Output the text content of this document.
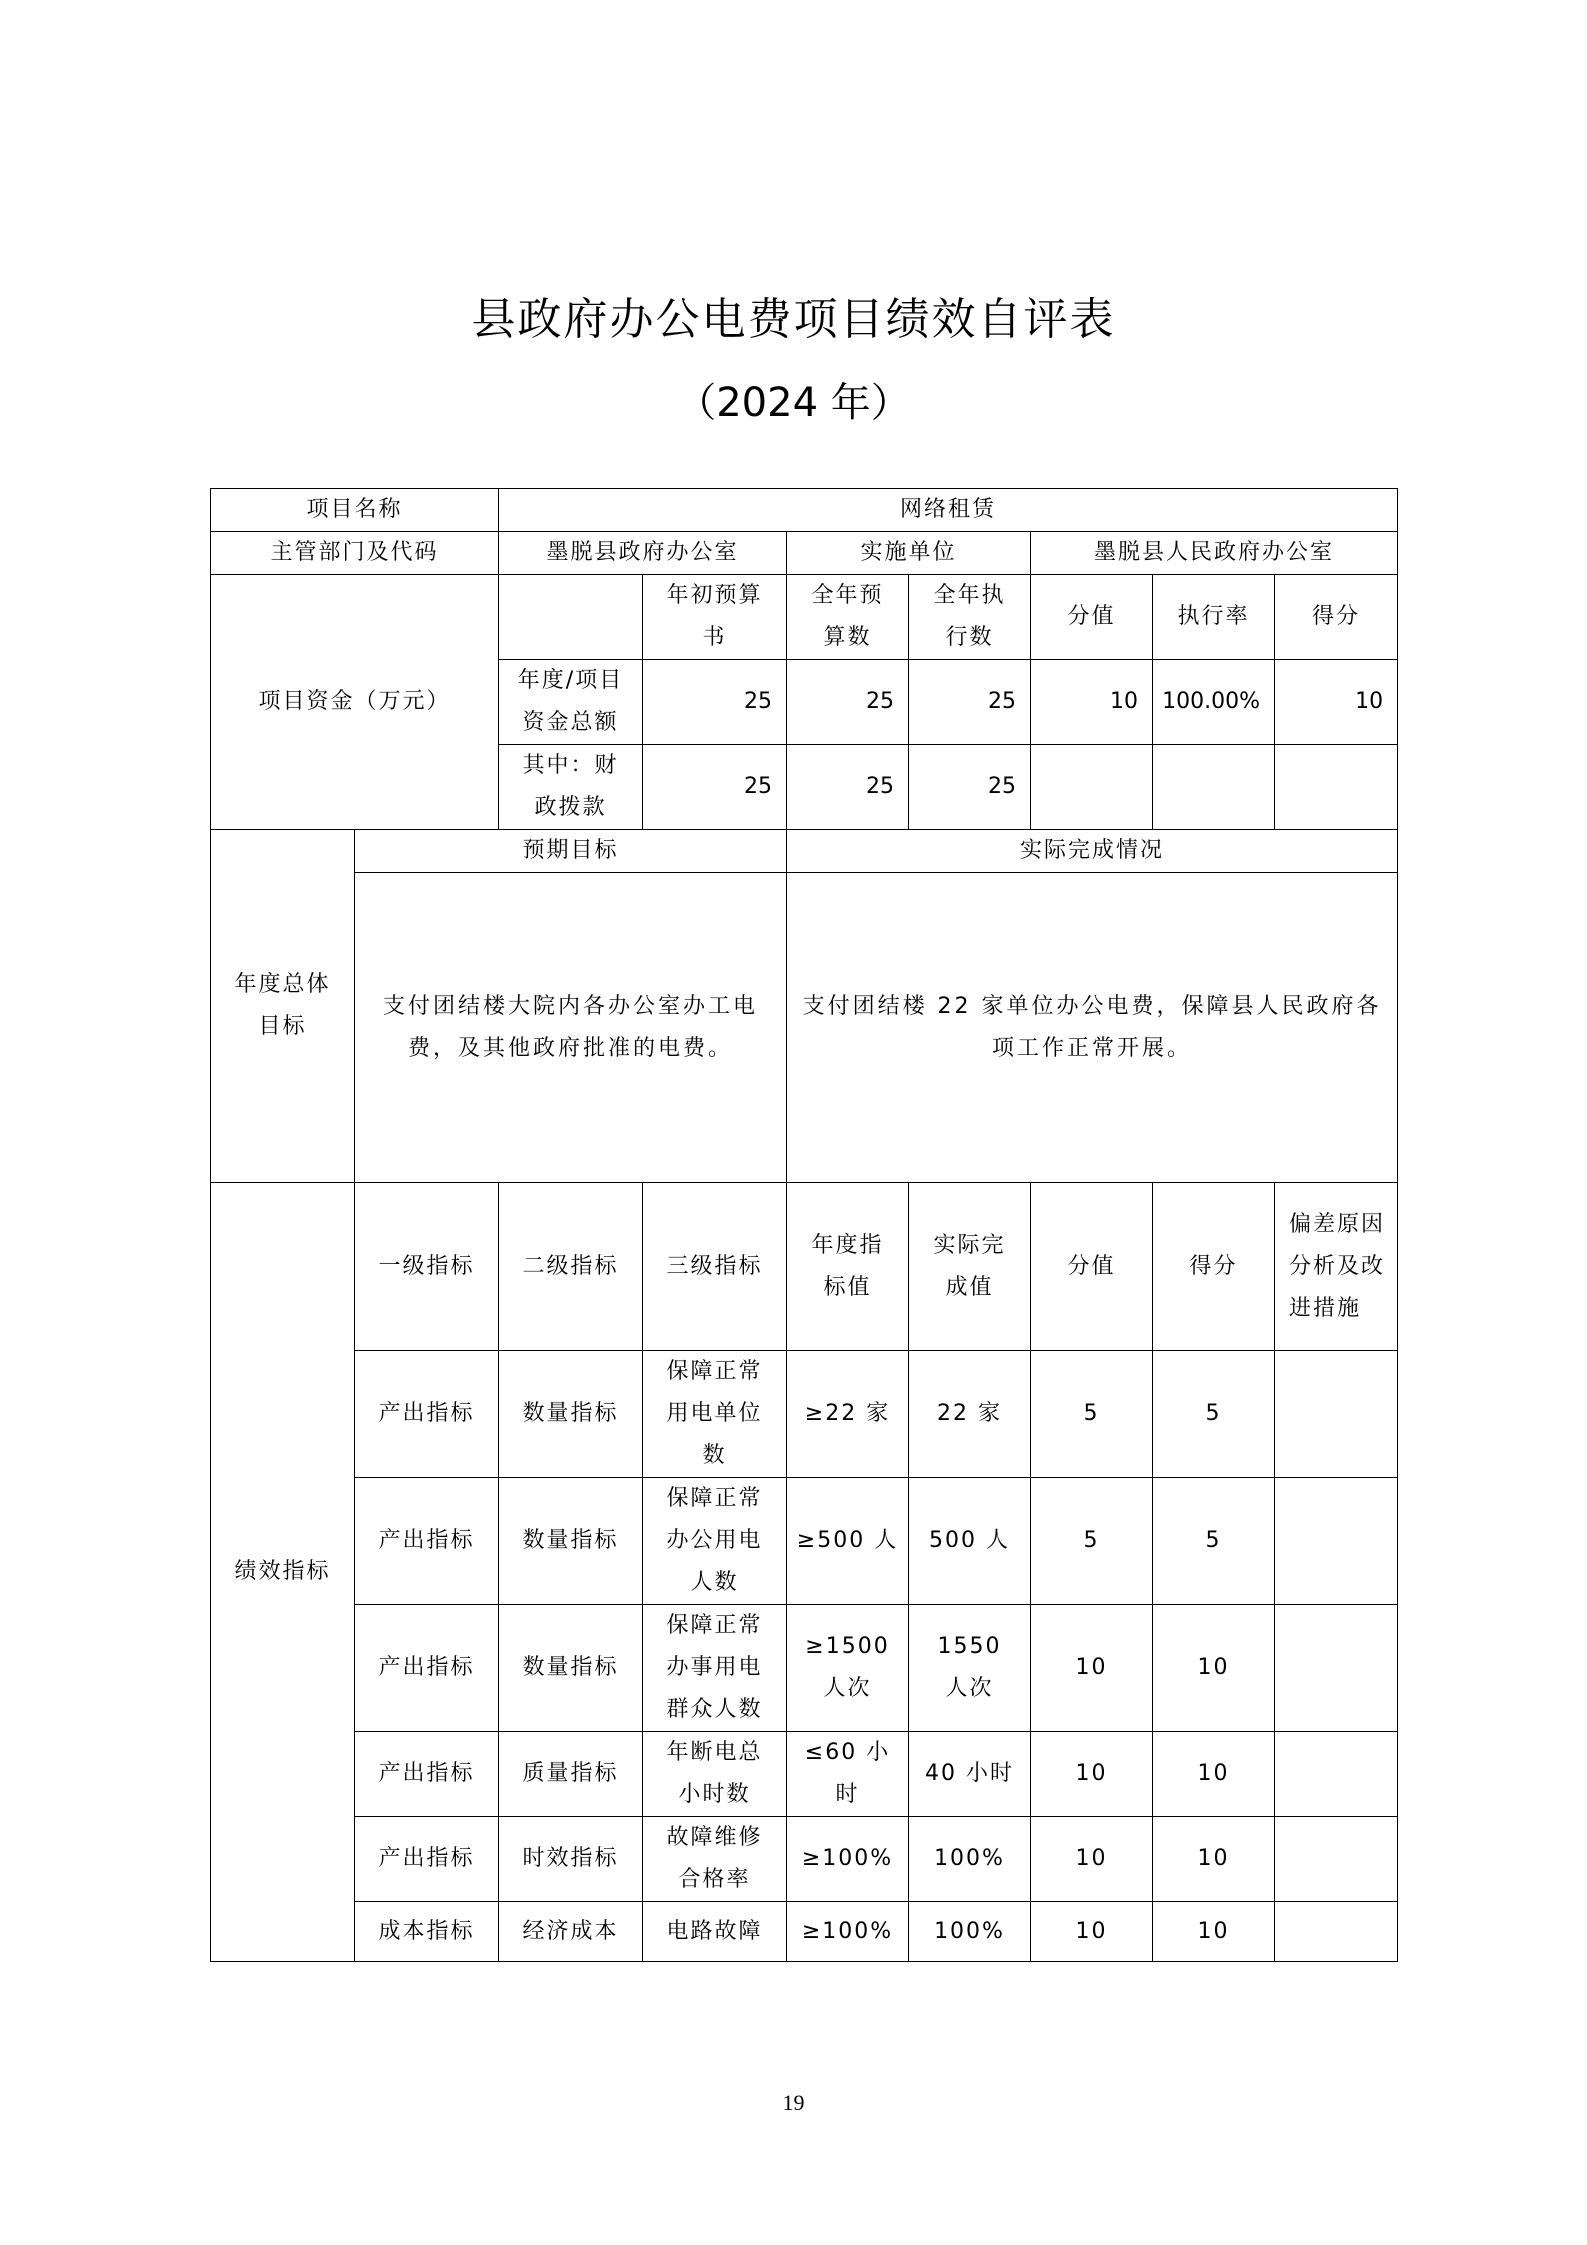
县政府办公电费项目绩效自评表
（2024 年）
项目名称		网络租赁						
主管部门及代码		墨脱县政府办公室		实施单位		墨脱县人民政府办公室		
项目资金（万元）			年初预算书	全年预算数	全年执行数	分值	执行率	得分
		年度/项目资金总额	25	25	25	10	100.00%	10
		其中：财政拨款	25	25	25			
年度总体目标	预期目标			实际完成情况				
	支付团结楼大院内各办公室办工电费，及其他政府批准的电费。			支付团结楼 22 家单位办公电费，保障县人民政府各项工作正常开展。				
绩效指标	一级指标	二级指标	三级指标	年度指标值	实际完成值	分值	得分	偏差原因分析及改进措施
	产出指标	数量指标	保障正常用电单位数	≥22 家	22 家	5	5	
	产出指标	数量指标	保障正常办公用电人数	≥500 人	500 人	5	5	
	产出指标	数量指标	保障正常办事用电群众人数	≥1500 人次	1550 人次	10	10	
	产出指标	质量指标	年断电总小时数	≤60 小时	40 小时	10	10	
	产出指标	时效指标	故障维修合格率	≥100%	100%	10	10	
	成本指标	经济成本	电路故障	≥100%	100%	10	10	
19
